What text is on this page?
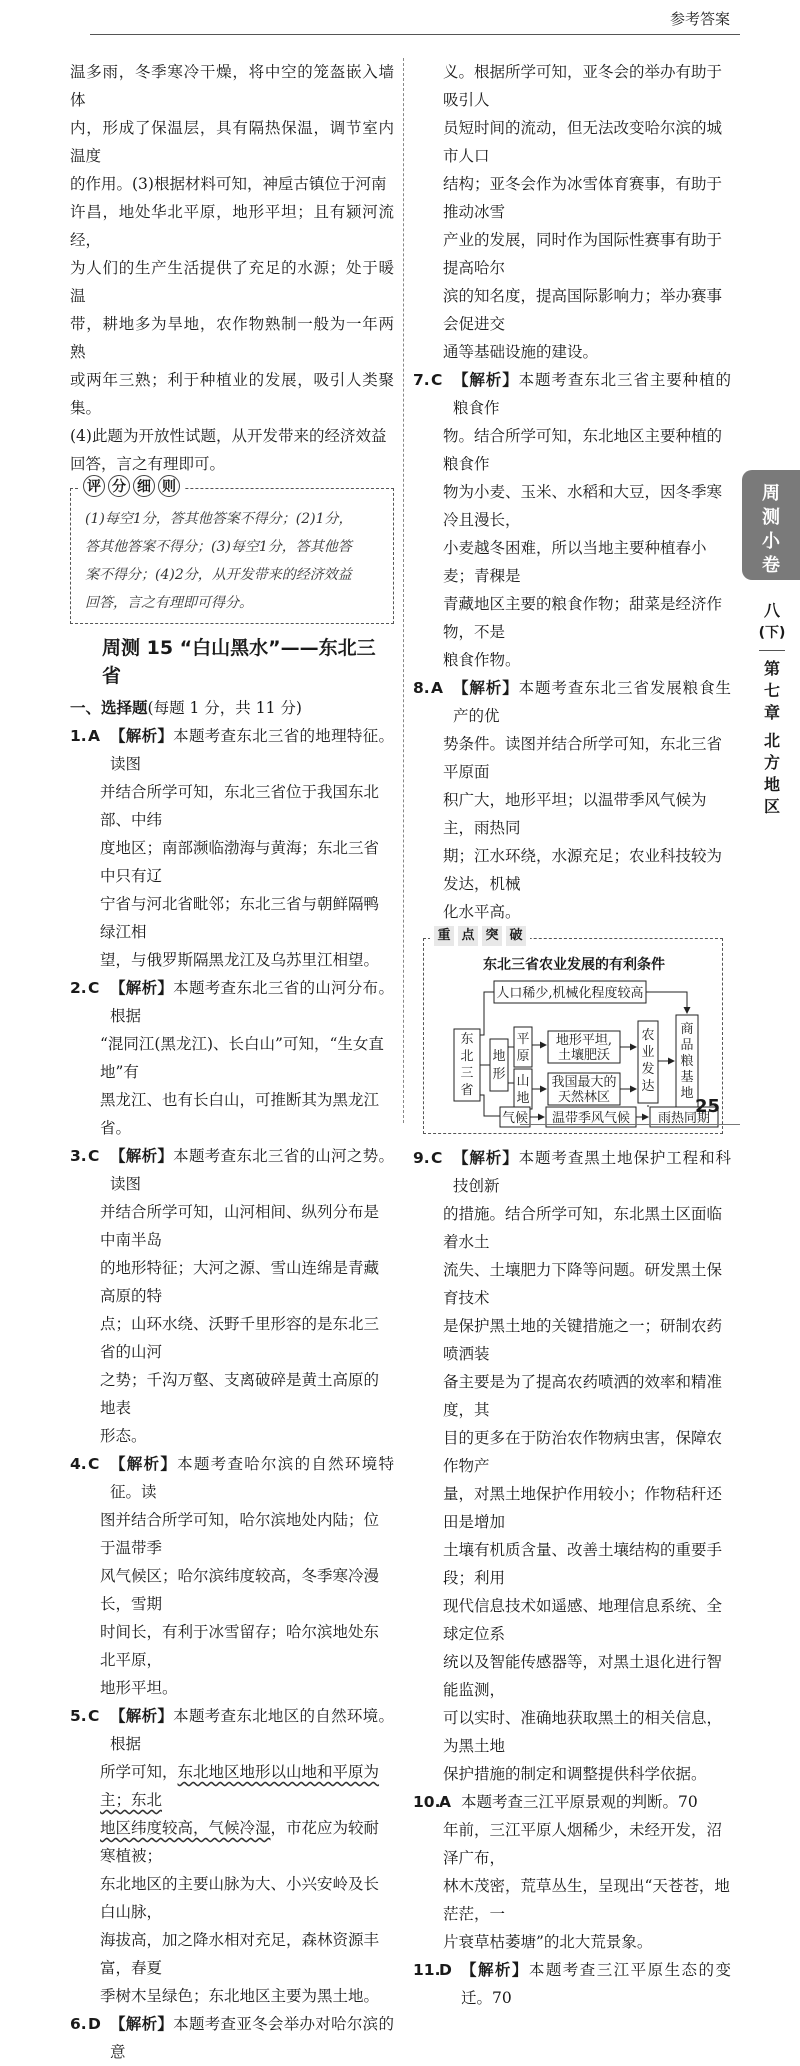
参考答案
温多雨，冬季寒冷干燥，将中空的笼盔嵌入墙体
内，形成了保温层，具有隔热保温，调节室内温度
的作用。(3)根据材料可知，神垕古镇位于河南
许昌，地处华北平原，地形平坦；且有颍河流经，
为人们的生产生活提供了充足的水源；处于暖温
带，耕地多为旱地，农作物熟制一般为一年两熟
或两年三熟；利于种植业的发展，吸引人类聚集。
(4)此题为开放性试题，从开发带来的经济效益
回答，言之有理即可。
评 分 细 则
(1)每空1分，答其他答案不得分；(2)1分，
答其他答案不得分；(3)每空1分，答其他答
案不得分；(4)2分，从开发带来的经济效益
回答，言之有理即可得分。
周测 15 “白山黑水”——东北三省
一、选择题(每题 1 分，共 11 分)
1. A 【解析】本题考查东北三省的地理特征。读图
并结合所学可知，东北三省位于我国东北部、中纬
度地区；南部濒临渤海与黄海；东北三省中只有辽
宁省与河北省毗邻；东北三省与朝鲜隔鸭绿江相
望，与俄罗斯隔黑龙江及乌苏里江相望。
2. C 【解析】本题考查东北三省的山河分布。根据
“混同江(黑龙江)、长白山”可知，“生女直地”有
黑龙江、也有长白山，可推断其为黑龙江省。
3. C 【解析】本题考查东北三省的山河之势。读图
并结合所学可知，山河相间、纵列分布是中南半岛
的地形特征；大河之源、雪山连绵是青藏高原的特
点；山环水绕、沃野千里形容的是东北三省的山河
之势；千沟万壑、支离破碎是黄土高原的地表
形态。
4. C 【解析】本题考查哈尔滨的自然环境特征。读
图并结合所学可知，哈尔滨地处内陆；位于温带季
风气候区；哈尔滨纬度较高，冬季寒冷漫长，雪期
时间长，有利于冰雪留存；哈尔滨地处东北平原，
地形平坦。
5. C 【解析】本题考查东北地区的自然环境。根据
所学可知，东北地区地形以山地和平原为主；东北
地区纬度较高，气候冷湿，市花应为较耐寒植被；
东北地区的主要山脉为大、小兴安岭及长白山脉，
海拔高，加之降水相对充足，森林资源丰富，春夏
季树木呈绿色；东北地区主要为黑土地。
6. D 【解析】本题考查亚冬会举办对哈尔滨的意
义。根据所学可知，亚冬会的举办有助于吸引人
员短时间的流动，但无法改变哈尔滨的城市人口
结构；亚冬会作为冰雪体育赛事，有助于推动冰雪
产业的发展，同时作为国际性赛事有助于提高哈尔
滨的知名度，提高国际影响力；举办赛事会促进交
通等基础设施的建设。
7. C 【解析】本题考查东北三省主要种植的粮食作
物。结合所学可知，东北地区主要种植的粮食作
物为小麦、玉米、水稻和大豆，因冬季寒冷且漫长，
小麦越冬困难，所以当地主要种植春小麦；青稞是
青藏地区主要的粮食作物；甜菜是经济作物，不是
粮食作物。
8. A 【解析】本题考查东北三省发展粮食生产的优
势条件。读图并结合所学可知，东北三省平原面
积广大，地形平坦；以温带季风气候为主，雨热同
期；江水环绕，水源充足；农业科技较为发达，机械
化水平高。
重 点 突 破
东北三省农业发展的有利条件
人口稀少,机械化程度较高
东
北
三
省
地
形
平
原
山
地
地形平坦,
土壤肥沃
我国最大的
天然林区
农
业
发
达
商
品
粮
基
地
气候 温带季风气候 雨热同期
9. C 【解析】本题考查黑土地保护工程和科技创新
的措施。结合所学可知，东北黑土区面临着水土
流失、土壤肥力下降等问题。研发黑土保育技术
是保护黑土地的关键措施之一；研制农药喷洒装
备主要是为了提高农药喷洒的效率和精准度，其
目的更多在于防治农作物病虫害，保障农作物产
量，对黑土地保护作用较小；作物秸秆还田是增加
土壤有机质含量、改善土壤结构的重要手段；利用
现代信息技术如遥感、地理信息系统、全球定位系
统以及智能传感器等，对黑土退化进行智能监测，
可以实时、准确地获取黑土的相关信息，为黑土地
保护措施的制定和调整提供科学依据。
10.
A 本题考查三江平原景观的判断。70
年前，三江平原人烟稀少，未经开发，沼泽广布，
林木茂密，荒草丛生，呈现出“天苍苍，地茫茫，一
片衰草枯萎塘”的北大荒景象。
11.
D 【解析】本题考查三江平原生态的变迁。70
周
测
小
卷
八
(下)
第
七
章
北
方
地
区
25
